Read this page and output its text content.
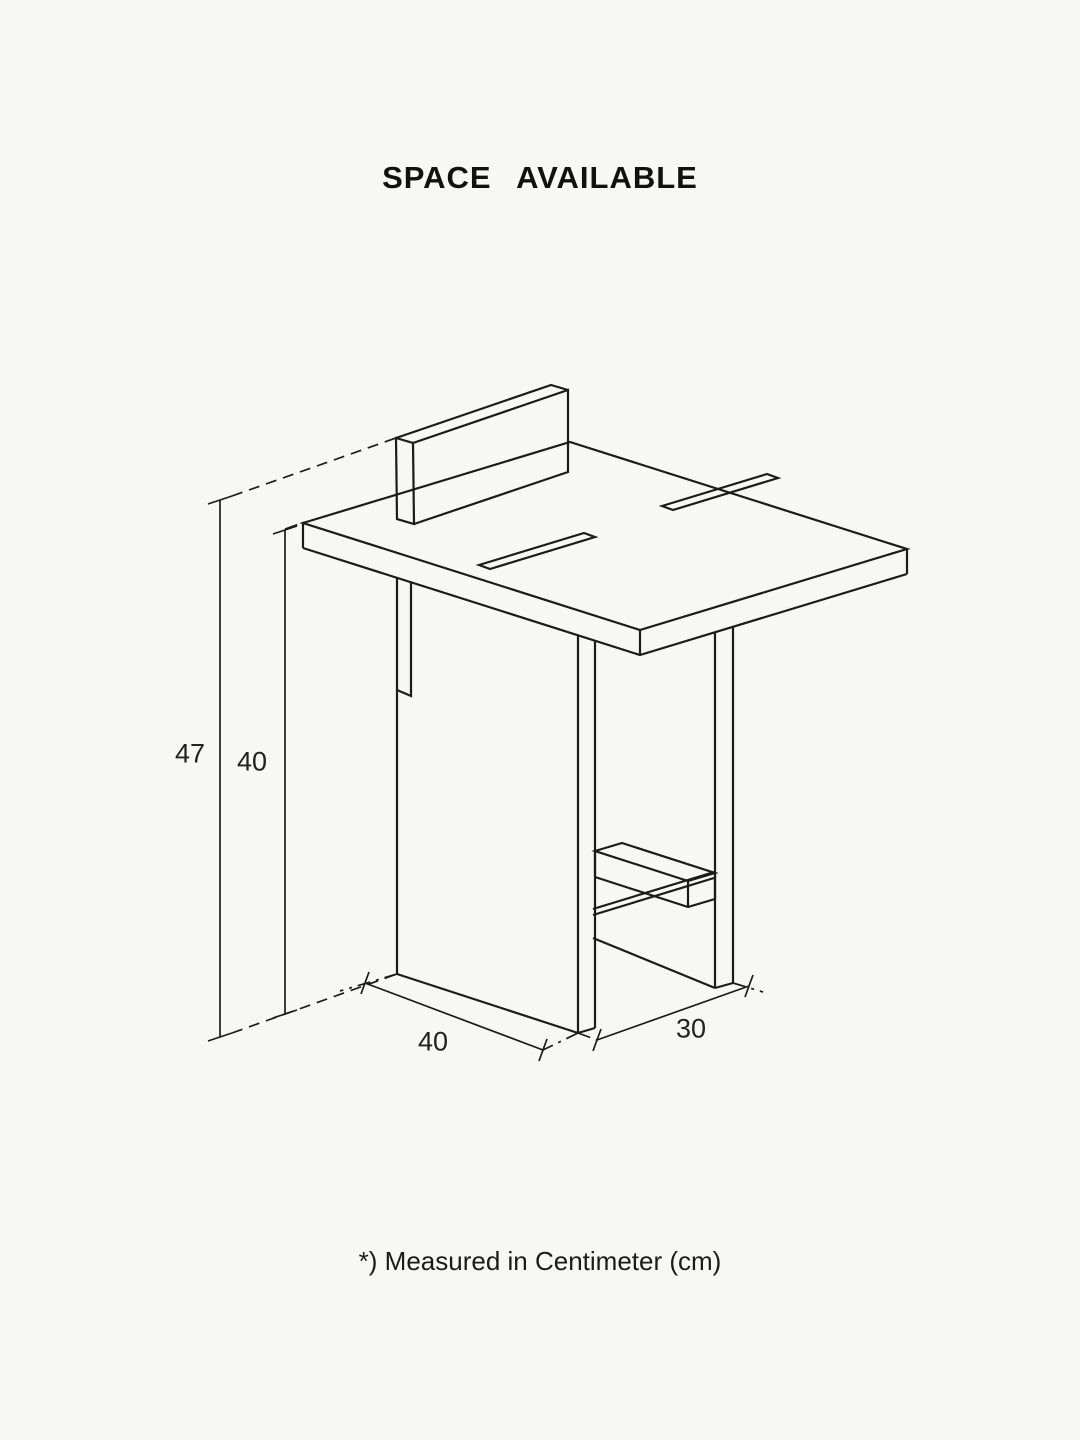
SPACE AVAILABLE
47 40
40	30
*) Measured in Centimeter (cm)
